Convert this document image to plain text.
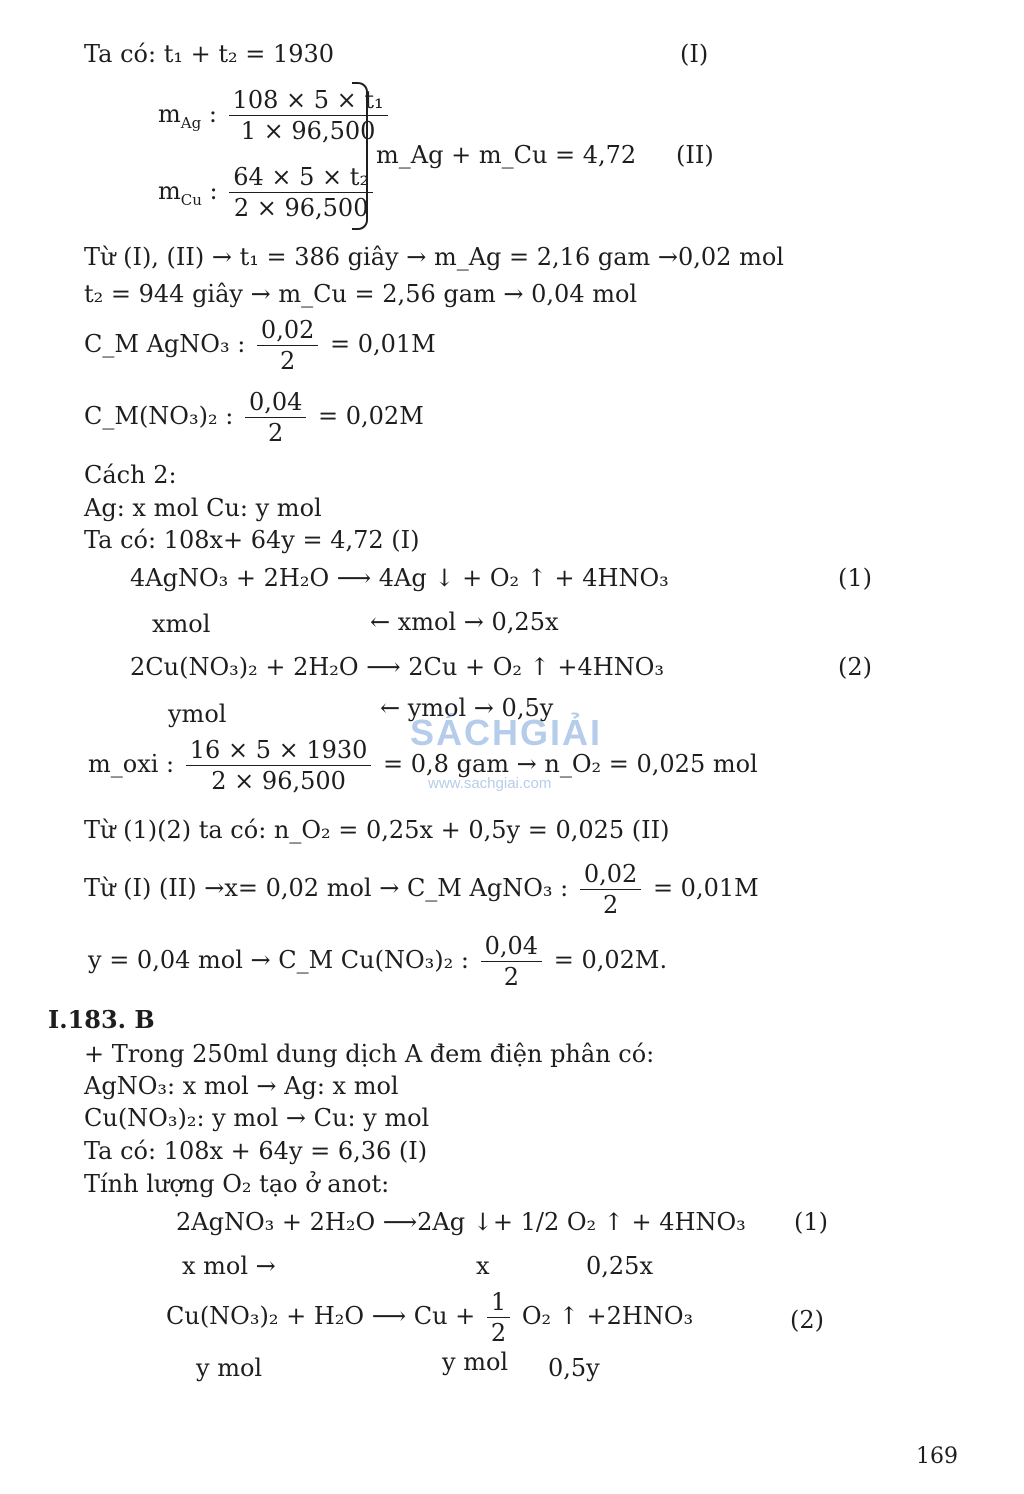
Ta có: t₁ + t₂ = 1930	(I)
$m_{Ag}$ : $\frac{\text{108 × 5 × t₁}}{1 \times 96,500}$
$m_{Cu}$ : $\frac{\text{64 × 5 × t₂}}{2 \times 96,500}$
m_Ag + m_Cu = 4,72 (II)
Từ (I), (II) → t₁ = 386 giây → m_Ag = 2,16 gam →0,02 mol
t₂ = 944 giây → m_Cu = 2,56 gam → 0,04 mol
C_M AgNO₃ : $\frac{0,02}{2} = 0,01M$
C_M(NO₃)₂ : $\frac{0,04}{2} = 0,02M$
Cách 2:
Ag: x mol Cu: y mol
Ta có: 108x+ 64y = 4,72 (I)
4AgNO₃ + 2H₂O ⟶ 4Ag ↓ + O₂ ↑ + 4HNO₃	(1)
xmol	← xmol → 0,25x
2Cu(NO₃)₂ + 2H₂O ⟶ 2Cu + O₂ ↑ +4HNO₃	(2)
ymol	← ymol → 0,5y
m_oxi : $\frac{16 \times 5 \times 1930}{2 \times 96,500} = 0,8$ gam → n_O₂ = 0,025 mol
SÁCHGIẢI
www.sachgiai.com
Từ (1)(2) ta có: n_O₂ = 0,25x + 0,5y = 0,025 (II)
Từ (I) (II) →x= 0,02 mol → C_M AgNO₃ : $\frac{0,02}{2} = 0,01M$
y = 0,04 mol → C_M Cu(NO₃)₂ : $\frac{0,04}{2} = 0,02M$.
I.183. B
+ Trong 250ml dung dịch A đem điện phân có:
AgNO₃: x mol → Ag: x mol
Cu(NO₃)₂: y mol → Cu: y mol
Ta có: 108x + 64y = 6,36 (I)
Tính lượng O₂ tạo ở anot:
2AgNO₃ + 2H₂O ⟶2Ag ↓+ 1/2 O₂ ↑ + 4HNO₃ (1)
x mol →	x	0,25x
Cu(NO₃)₂ + H₂O ⟶ $Cu + \frac{1}{2} O_2$ ↑ +2HNO₃	(2)
y mol	y mol 0,5y
169
